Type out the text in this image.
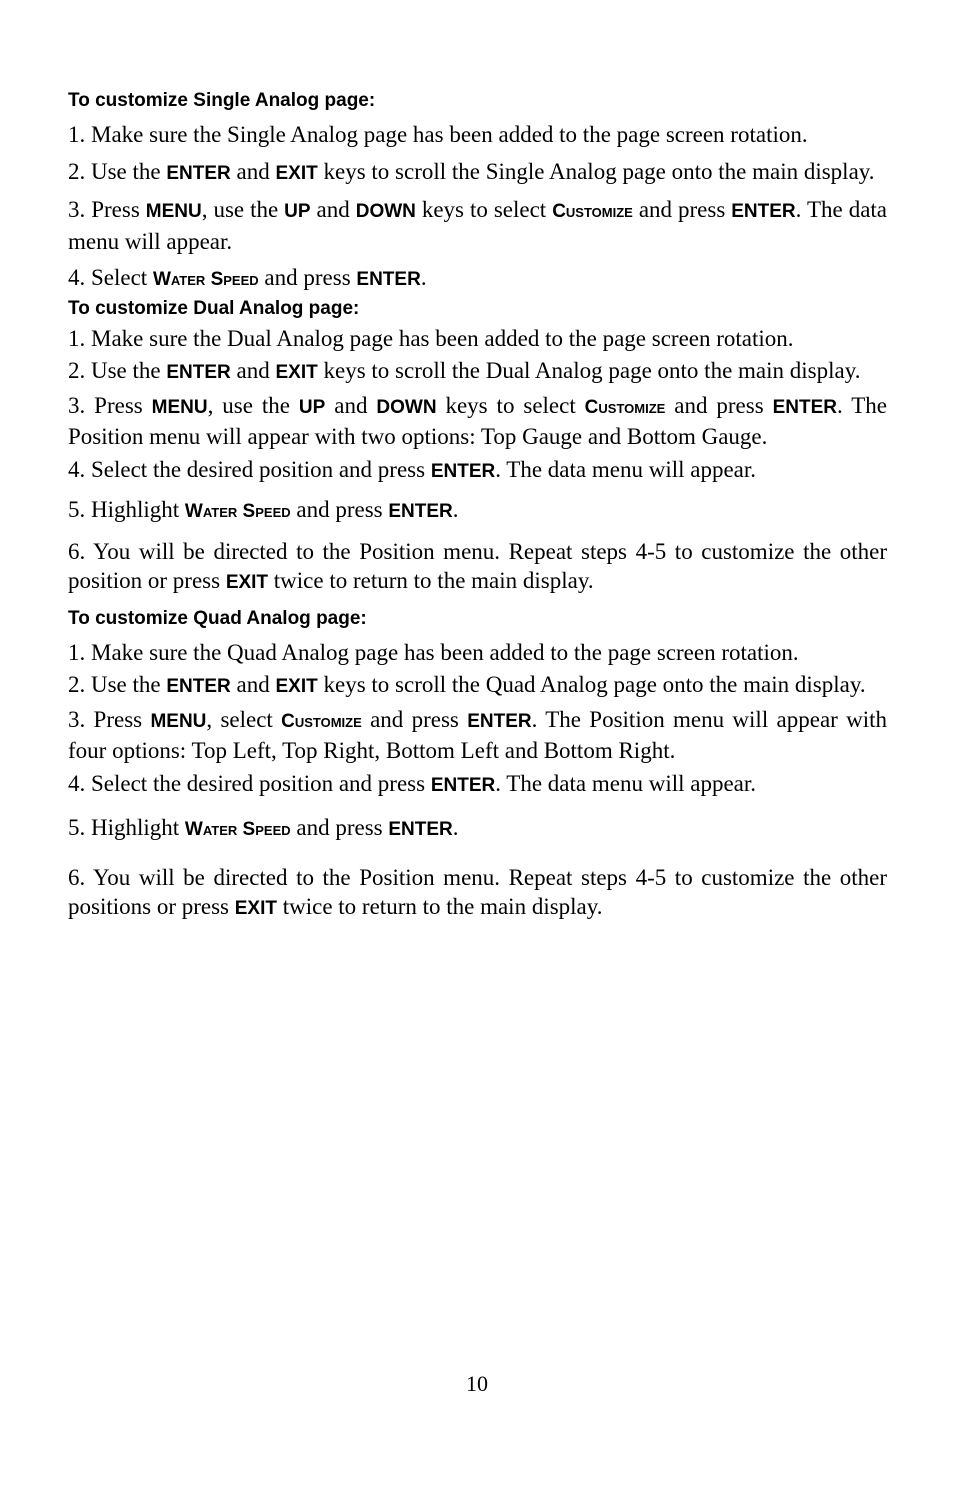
To customize Single Analog page:

1. Make sure the Single Analog page has been added to the page screen rotation.

2. Use the ENTER and EXIT keys to scroll the Single Analog page onto the main display.

3. Press MENU, use the UP and DOWN keys to select Customize and press ENTER. The data menu will appear.

4. Select Water Speed and press ENTER.

To customize Dual Analog page:

1. Make sure the Dual Analog page has been added to the page screen rotation.

2. Use the ENTER and EXIT keys to scroll the Dual Analog page onto the main display.

3. Press MENU, use the UP and DOWN keys to select Customize and press ENTER. The Position menu will appear with two options: Top Gauge and Bottom Gauge.

4. Select the desired position and press ENTER. The data menu will appear.

5. Highlight Water Speed and press ENTER.

6. You will be directed to the Position menu. Repeat steps 4-5 to customize the other position or press EXIT twice to return to the main display.

To customize Quad Analog page:

1. Make sure the Quad Analog page has been added to the page screen rotation.

2. Use the ENTER and EXIT keys to scroll the Quad Analog page onto the main display.

3. Press MENU, select Customize and press ENTER. The Position menu will appear with four options: Top Left, Top Right, Bottom Left and Bottom Right.

4. Select the desired position and press ENTER. The data menu will appear.

5. Highlight Water Speed and press ENTER.

6. You will be directed to the Position menu. Repeat steps 4-5 to customize the other positions or press EXIT twice to return to the main display.

10
